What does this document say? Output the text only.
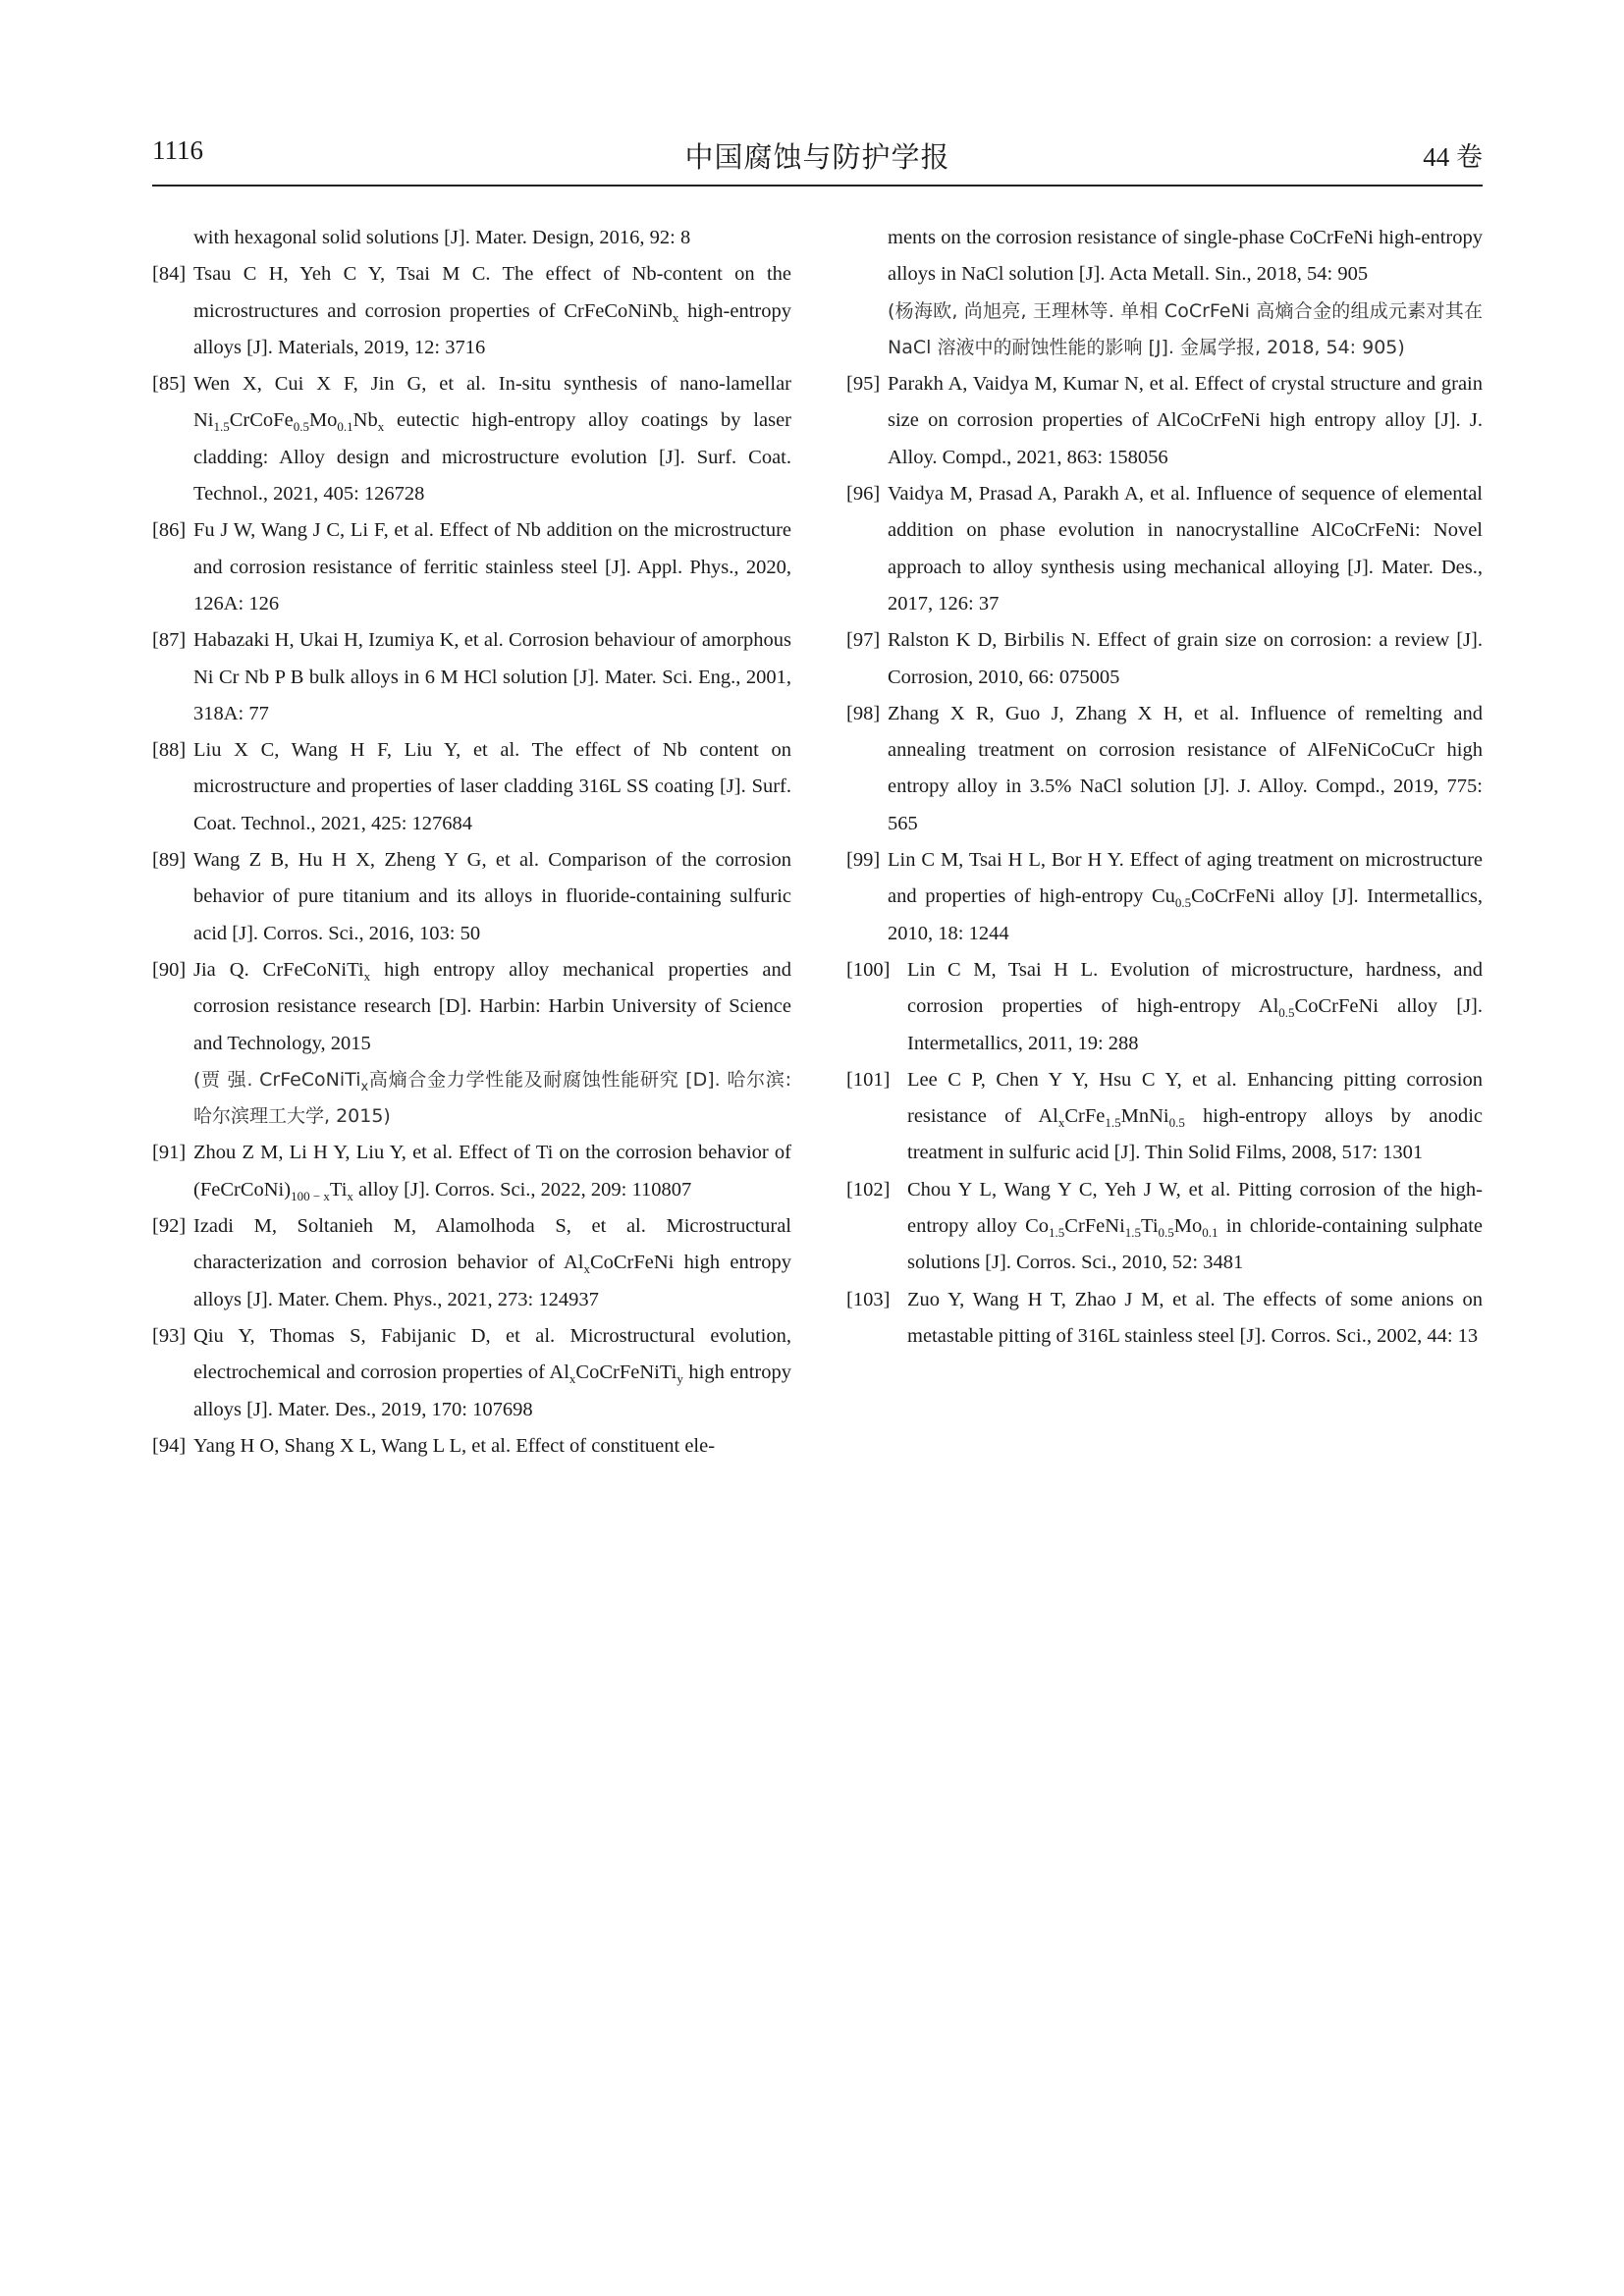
1116	中国腐蚀与防护学报	44 卷
with hexagonal solid solutions [J]. Mater. Design, 2016, 92: 8
[84] Tsau C H, Yeh C Y, Tsai M C. The effect of Nb-content on the microstructures and corrosion properties of CrFeCoNiNb$_x$ high-entropy alloys [J]. Materials, 2019, 12: 3716
[85] Wen X, Cui X F, Jin G, et al. In-situ synthesis of nano-lamellar $Ni_{1.5}CrCoFe_{0.5}Mo_{0.1}Nb_x$ eutectic high-entropy alloy coatings by laser cladding: Alloy design and microstructure evolution [J]. Surf. Coat. Technol., 2021, 405: 126728
[86] Fu J W, Wang J C, Li F, et al. Effect of Nb addition on the microstructure and corrosion resistance of ferritic stainless steel [J]. Appl. Phys., 2020, 126A: 126
[87] Habazaki H, Ukai H, Izumiya K, et al. Corrosion behaviour of amorphous Ni Cr Nb P B bulk alloys in 6 M HCl solution [J]. Mater. Sci. Eng., 2001, 318A: 77
[88] Liu X C, Wang H F, Liu Y, et al. The effect of Nb content on microstructure and properties of laser cladding 316L SS coating [J]. Surf. Coat. Technol., 2021, 425: 127684
[89] Wang Z B, Hu H X, Zheng Y G, et al. Comparison of the corrosion behavior of pure titanium and its alloys in fluoride-containing sulfuric acid [J]. Corros. Sci., 2016, 103: 50
[90] Jia Q. CrFeCoNiTi$_x$ high entropy alloy mechanical properties and corrosion resistance research [D]. Harbin: Harbin University of Science and Technology, 2015
(贾 强. CrFeCoNiTi$_x$高熵合金力学性能及耐腐蚀性能研究 [D]. 哈尔滨: 哈尔滨理工大学, 2015)
[91] Zhou Z M, Li H Y, Liu Y, et al. Effect of Ti on the corrosion behavior of $(FeCrCoNi)_{100 - x}Ti_x$ alloy [J]. Corros. Sci., 2022, 209: 110807
[92] Izadi M, Soltanieh M, Alamolhoda S, et al. Microstructural characterization and corrosion behavior of $Al_xCoCrFeNi$ high entropy alloys [J]. Mater. Chem. Phys., 2021, 273: 124937
[93] Qiu Y, Thomas S, Fabijanic D, et al. Microstructural evolution, electrochemical and corrosion properties of $Al_xCoCrFeNiTi_y$ high entropy alloys [J]. Mater. Des., 2019, 170: 107698
[94] Yang H O, Shang X L, Wang L L, et al. Effect of constituent ele-
ments on the corrosion resistance of single-phase CoCrFeNi high-entropy alloys in NaCl solution [J]. Acta Metall. Sin., 2018, 54: 905
(杨海欧, 尚旭亮, 王理林等. 单相 CoCrFeNi 高熵合金的组成元素对其在 NaCl 溶液中的耐蚀性能的影响 [J]. 金属学报, 2018, 54: 905)
[95] Parakh A, Vaidya M, Kumar N, et al. Effect of crystal structure and grain size on corrosion properties of AlCoCrFeNi high entropy alloy [J]. J. Alloy. Compd., 2021, 863: 158056
[96] Vaidya M, Prasad A, Parakh A, et al. Influence of sequence of elemental addition on phase evolution in nanocrystalline AlCoCrFeNi: Novel approach to alloy synthesis using mechanical alloying [J]. Mater. Des., 2017, 126: 37
[97] Ralston K D, Birbilis N. Effect of grain size on corrosion: a review [J]. Corrosion, 2010, 66: 075005
[98] Zhang X R, Guo J, Zhang X H, et al. Influence of remelting and annealing treatment on corrosion resistance of AlFeNiCoCuCr high entropy alloy in 3.5% NaCl solution [J]. J. Alloy. Compd., 2019, 775: 565
[99] Lin C M, Tsai H L, Bor H Y. Effect of aging treatment on microstructure and properties of high-entropy $Cu_{0.5}CoCrFeNi$ alloy [J]. Intermetallics, 2010, 18: 1244
[100] Lin C M, Tsai H L. Evolution of microstructure, hardness, and corrosion properties of high-entropy $Al_{0.5}CoCrFeNi$ alloy [J]. Intermetallics, 2011, 19: 288
[101] Lee C P, Chen Y Y, Hsu C Y, et al. Enhancing pitting corrosion resistance of $Al_xCrFe_{1.5}MnNi_{0.5}$ high-entropy alloys by anodic treatment in sulfuric acid [J]. Thin Solid Films, 2008, 517: 1301
[102] Chou Y L, Wang Y C, Yeh J W, et al. Pitting corrosion of the high-entropy alloy $Co_{1.5}CrFeNi_{1.5}Ti_{0.5}Mo_{0.1}$ in chloride-containing sulphate solutions [J]. Corros. Sci., 2010, 52: 3481
[103] Zuo Y, Wang H T, Zhao J M, et al. The effects of some anions on metastable pitting of 316L stainless steel [J]. Corros. Sci., 2002, 44: 13
